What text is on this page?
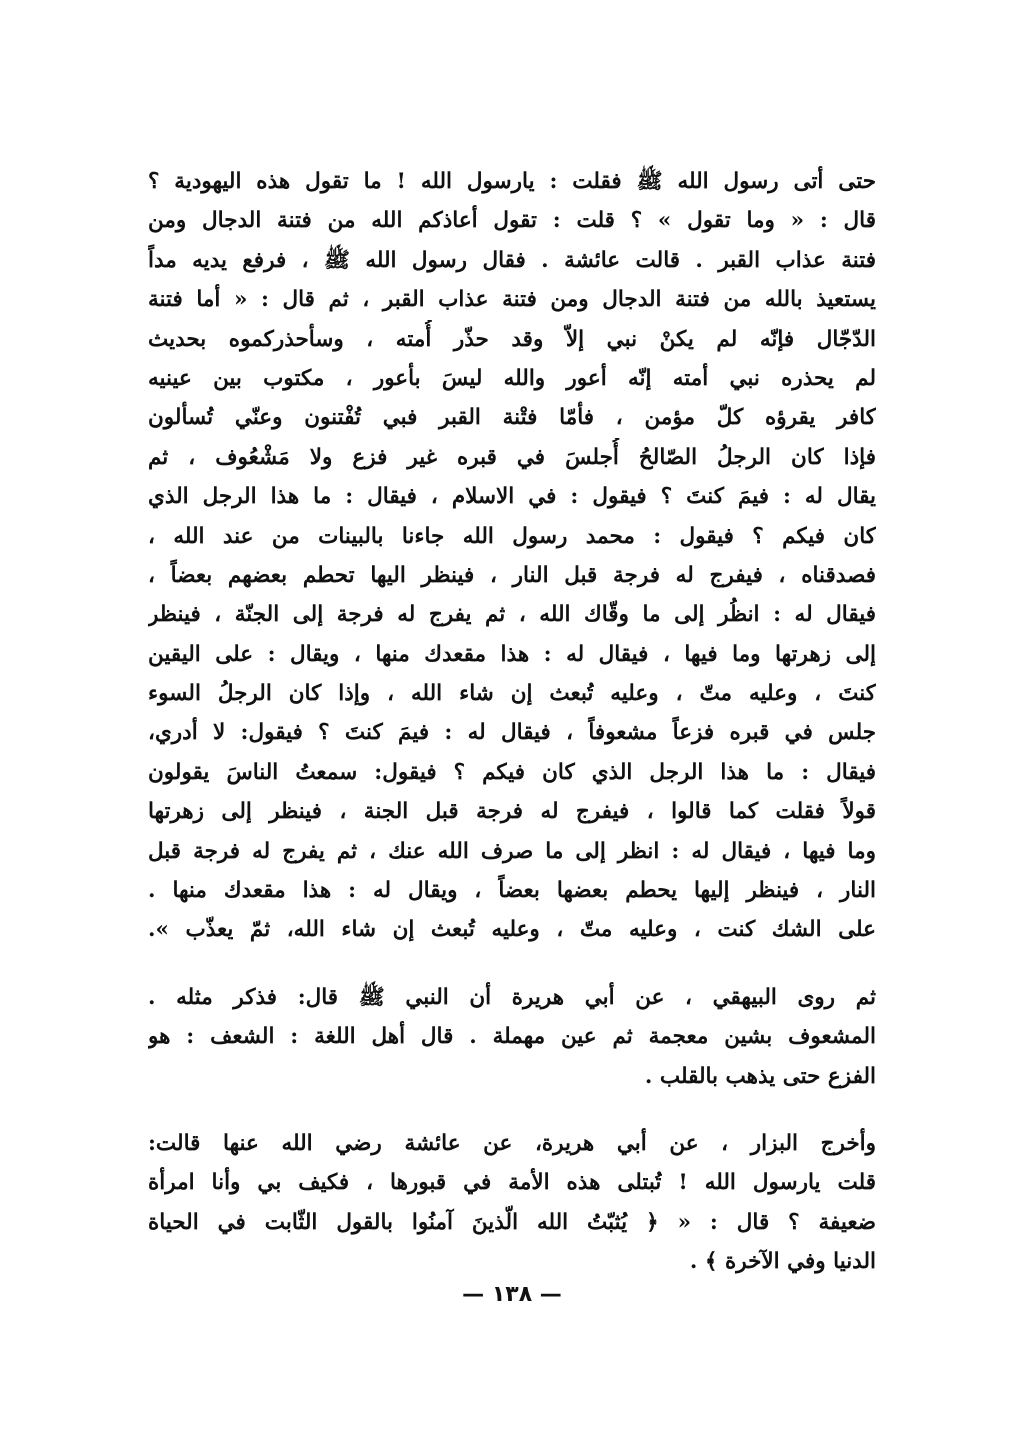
حتى أتى رسول الله ﷺ فقلت : يارسول الله ! ما تقول هذه اليهودية ؟
قال : « وما تقول » ؟ قلت : تقول أعاذكم الله من فتنة الدجال ومن
فتنة عذاب القبر . قالت عائشة . فقال رسول الله ﷺ ، فرفع يديه مداً
يستعيذ بالله من فتنة الدجال ومن فتنة عذاب القبر ، ثم قال : « أما فتنة
الدّجّال فإنّه لم يكنْ نبي إلاّ وقد حذّر أُمته ، وسأحذركموه بحديث
لم يحذره نبي أمته إنّه أعور والله ليسَ بأعور ، مكتوب بين عينيه
كافر يقرؤه كلّ مؤمن ، فأمّا فتْنة القبر فبي تُفْتنون وعنّي تُسألون
فإذا كان الرجلُ الصّالحُ أُجلسَ في قبره غير فزع ولا مَشْعُوف ، ثم
يقال له : فيمَ كنتَ ؟ فيقول : في الاسلام ، فيقال : ما هذا الرجل الذي
كان فيكم ؟ فيقول : محمد رسول الله جاءنا بالبينات من عند الله ،
فصدقناه ، فيفرج له فرجة قبل النار ، فينظر اليها تحطم بعضهم بعضاً ،
فيقال له : انظُر إلى ما وقّاك الله ، ثم يفرج له فرجة إلى الجنّة ، فينظر
إلى زهرتها وما فيها ، فيقال له : هذا مقعدك منها ، ويقال : على اليقين
كنتَ ، وعليه متّ ، وعليه تُبعث إن شاء الله ، وإذا كان الرجلُ السوء
جلس في قبره فزعاً مشعوفاً ، فيقال له : فيمَ كنتَ ؟ فيقول: لا أدري،
فيقال : ما هذا الرجل الذي كان فيكم ؟ فيقول: سمعتُ الناسَ يقولون
قولاً فقلت كما قالوا ، فيفرج له فرجة قبل الجنة ، فينظر إلى زهرتها
وما فيها ، فيقال له : انظر إلى ما صرف الله عنك ، ثم يفرج له فرجة قبل
النار ، فينظر إليها يحطم بعضها بعضاً ، ويقال له : هذا مقعدك منها .
على الشك كنت ، وعليه متّ ، وعليه تُبعث إن شاء الله، ثمّ يعذّب ».

ثم روى البيهقي ، عن أبي هريرة أن النبي ﷺ قال: فذكر مثله .
المشعوف بشين معجمة ثم عين مهملة . قال أهل اللغة : الشعف : هو
الفزع حتى يذهب بالقلب .

وأخرج البزار ، عن أبي هريرة، عن عائشة رضي الله عنها قالت:
قلت يارسول الله ! تُبتلى هذه الأمة في قبورها ، فكيف بي وأنا امرأة
ضعيفة ؟ قال : « ﴿ يُثبّتُ الله الّذينَ آمنُوا بالقول الثّابت في الحياة
الدنيا وفي الآخرة ﴾ .

— ١٣٨ —
